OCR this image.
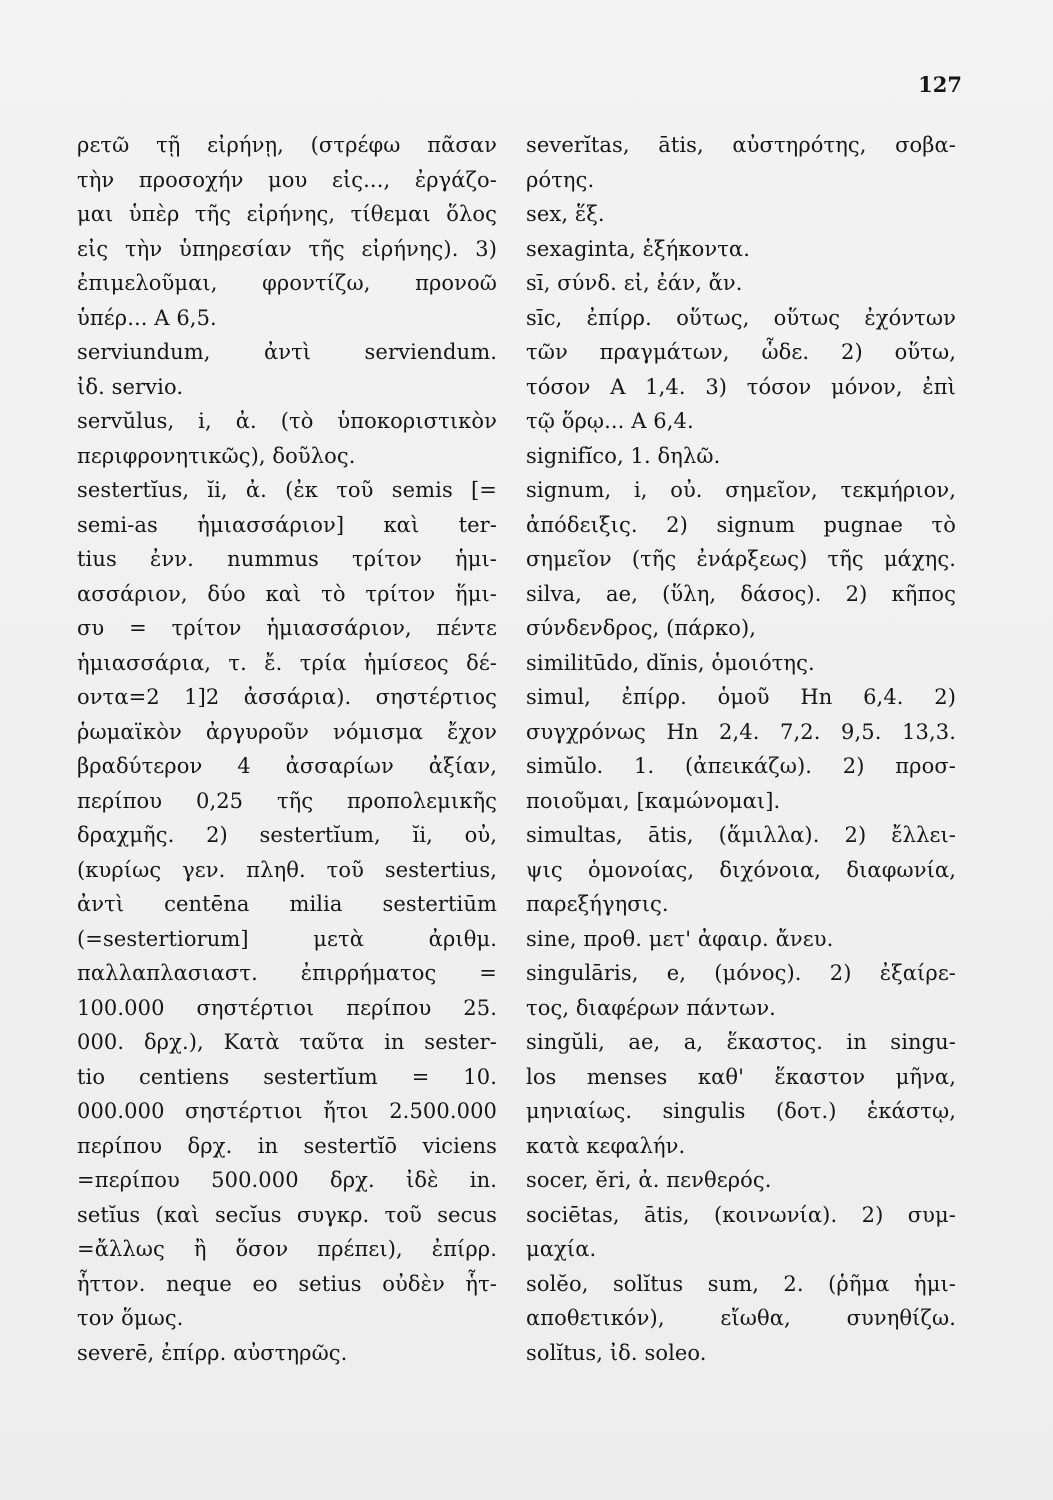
127
ρετῶ τῇ εἰρήνῃ, (στρέφω πᾶσαν
τὴν προσοχήν μου εἰς..., ἐργάζο-
μαι ὑπὲρ τῆς εἰρήνης, τίθεμαι ὅλος
εἰς τὴν ὑπηρεσίαν τῆς εἰρήνης). 3)
ἐπιμελοῦμαι, φροντίζω, προνοῶ
ὑπέρ... A 6,5.
serviundum, ἀντὶ serviendum.
ἰδ. servio.
servŭlus, i, ἀ. (τὸ ὑποκοριστικὸν
περιφρονητικῶς), δοῦλος.
sestertĭus, ĭi, ἀ. (ἐκ τοῦ semis [=
semi-as ἡμιασσάριον] καὶ ter-
tius ἐνν. nummus τρίτον ἡμι-
ασσάριον, δύο καὶ τὸ τρίτον ἥμι-
συ = τρίτον ἡμιασσάριον, πέντε
ἡμιασσάρια, τ. ἔ. τρία ἡμίσεος δέ-
οντα=2 1]2 ἀσσάρια). σηστέρτιος
ῥωμαϊκὸν ἀργυροῦν νόμισμα ἔχον
βραδύτερον 4 ἀσσαρίων ἀξίαν,
περίπου 0,25 τῆς προπολεμικῆς
δραχμῆς. 2) sestertĭum, ĭi, οὐ,
(κυρίως γεν. πληθ. τοῦ sestertius,
ἀντὶ centēna milia sestertiūm
(=sestertiorum] μετὰ ἀριθμ.
παλλαπλασιαστ. ἐπιρρήματος =
100.000 σηστέρτιοι περίπου 25.
000. δρχ.), Κατὰ ταῦτα in sester-
tio centiens sestertĭum = 10.
000.000 σηστέρτιοι ἤτοι 2.500.000
περίπου δρχ. in sestertĭō viciens
=περίπου 500.000 δρχ. ἰδὲ in.
setĭus (καὶ secĭus συγκρ. τοῦ secus
=ἄλλως ἢ ὅσον πρέπει), ἐπίρρ.
ἧττον. neque eo setius οὐδὲν ἧτ-
τον ὅμως.
severē, ἐπίρρ. αὐστηρῶς.
severĭtas, ātis, αὐστηρότης, σοβα-
ρότης.
sex, ἕξ.
sexaginta, ἑξήκοντα.
sī, σύνδ. εἰ, ἐάν, ἄν.
sīc, ἐπίρρ. οὕτως, οὕτως ἐχόντων
τῶν πραγμάτων, ὧδε. 2) οὕτω,
τόσον A 1,4. 3) τόσον μόνον, ἐπὶ
τῷ ὅρῳ... A 6,4.
signifĭco, 1. δηλῶ.
signum, i, οὐ. σημεῖον, τεκμήριον,
ἀπόδειξις. 2) signum pugnae τὸ
σημεῖον (τῆς ἐνάρξεως) τῆς μάχης.
silva, ae, (ὕλη, δάσος). 2) κῆπος
σύνδενδρος, (πάρκο),
similitūdo, dĭnis, ὁμοιότης.
simul, ἐπίρρ. ὁμοῦ Hn 6,4. 2)
συγχρόνως Hn 2,4. 7,2. 9,5. 13,3.
simŭlo. 1. (ἀπεικάζω). 2) προσ-
ποιοῦμαι, [καμώνομαι].
simultas, ātis, (ἅμιλλα). 2) ἔλλει-
ψις ὁμονοίας, διχόνοια, διαφωνία,
παρεξήγησις.
sine, προθ. μετ' ἀφαιρ. ἄνευ.
singulāris, e, (μόνος). 2) ἐξαίρε-
τος, διαφέρων πάντων.
singŭli, ae, a, ἕκαστος. in singu-
los menses καθ' ἕκαστον μῆνα,
μηνιαίως. singulis (δοτ.) ἑκάστῳ,
κατὰ κεφαλήν.
socer, ĕri, ἀ. πενθερός.
sociētas, ātis, (κοινωνία). 2) συμ-
μαχία.
solĕo, solĭtus sum, 2. (ῥῆμα ἡμι-
αποθετικόν), εἴωθα, συνηθίζω.
solĭtus, ἰδ. soleo.
